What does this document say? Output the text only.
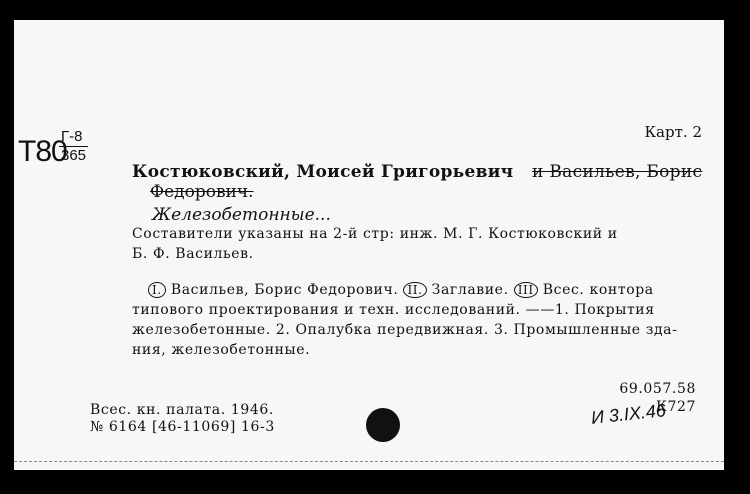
T80
Г-8
365
Карт. 2
Костюковский, Моисей Григорьевич и Васильев, Борис
Федорович.
Железобетонные...
Составители указаны на 2-й стр: инж. М. Г. Костюковский и
Б. Ф. Васильев.
I. Васильев, Борис Федорович. II. Заглавие. III Всес. контора
типового проектирования и техн. исследований. ——1. Покрытия
железобетонные. 2. Опалубка передвижная. 3. Промышленные зда-
ния, железобетонные.
Всес. кн. палата. 1946.
№ 6164 [46-11069] 16-3
69.057.58
К727
И 3.IX.46
